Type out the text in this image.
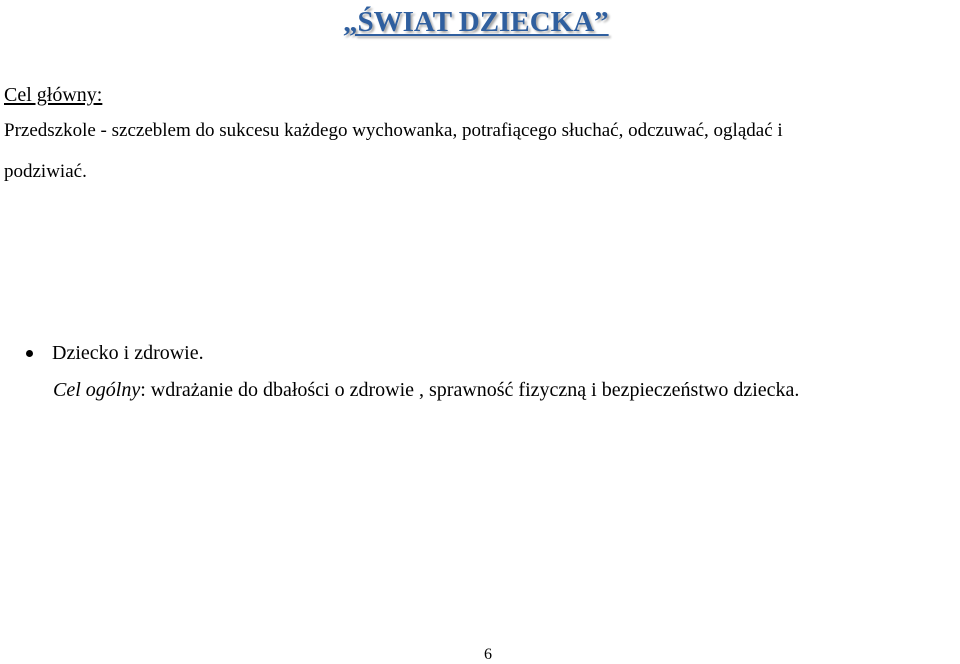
„ŚWIAT DZIECKA”
Cel główny:
Przedszkole - szczeblem do sukcesu każdego wychowanka, potrafiącego słuchać, odczuwać, oglądać i
podziwiać.
Dziecko i zdrowie.
Cel ogólny: wdrażanie do dbałości o zdrowie , sprawność fizyczną i bezpieczeństwo dziecka.
6
